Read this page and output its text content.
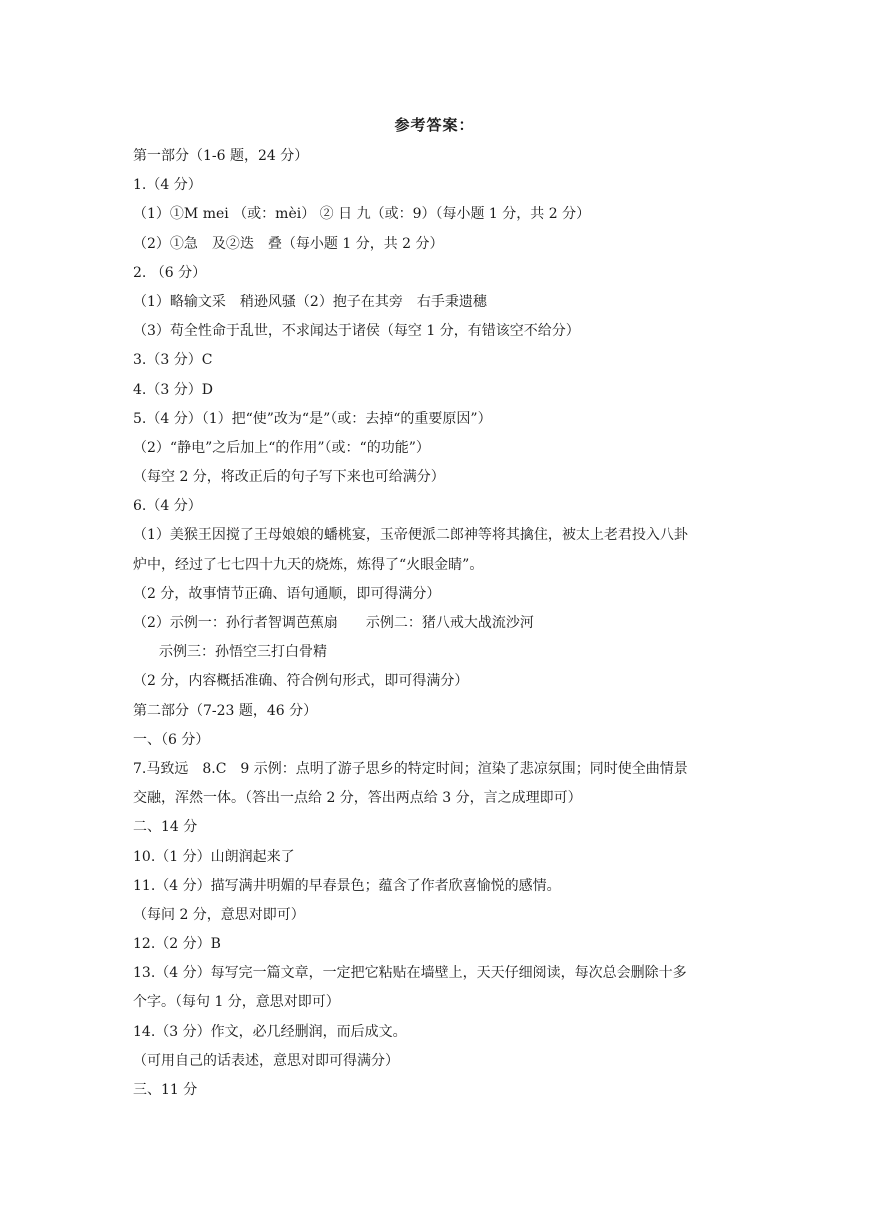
参考答案：
第一部分（1-6 题，24 分）
1.（4 分）
（1）①M mei （或：mèi） ② 日 九（或：9）（每小题 1 分，共 2 分）
（2）①急　及②迭　叠（每小题 1 分，共 2 分）
2. （6 分）
（1）略输文采　稍逊风骚（2）抱子在其旁　右手秉遗穗
（3）苟全性命于乱世，不求闻达于诸侯（每空 1 分，有错该空不给分）
3.（3 分）C
4.（3 分）D
5.（4 分）（1）把“使”改为“是”（或：去掉“的重要原因”）
（2）“静电”之后加上“的作用”（或：“的功能”）
（每空 2 分，将改正后的句子写下来也可给满分）
6.（4 分）
（1）美猴王因搅了王母娘娘的蟠桃宴，玉帝便派二郎神等将其擒住，被太上老君投入八卦
炉中，经过了七七四十九天的烧炼，炼得了“火眼金睛”。
（2 分，故事情节正确、语句通顺，即可得满分）
（2）示例一：孙行者智调芭蕉扇　　示例二：猪八戒大战流沙河
示例三：孙悟空三打白骨精
（2 分，内容概括准确、符合例句形式，即可得满分）
第二部分（7-23 题，46 分）
一、（6 分）
7.马致远　8.C　9 示例：点明了游子思乡的特定时间；渲染了悲凉氛围；同时使全曲情景
交融，浑然一体。（答出一点给 2 分，答出两点给 3 分，言之成理即可）
二、14 分
10.（1 分）山朗润起来了
11.（4 分）描写满井明媚的早春景色；蕴含了作者欣喜愉悦的感情。
（每问 2 分，意思对即可）
12.（2 分）B
13.（4 分）每写完一篇文章，一定把它粘贴在墙壁上，天天仔细阅读，每次总会删除十多
个字。（每句 1 分，意思对即可）
14.（3 分）作文，必几经删润，而后成文。
（可用自己的话表述，意思对即可得满分）
三、11 分
